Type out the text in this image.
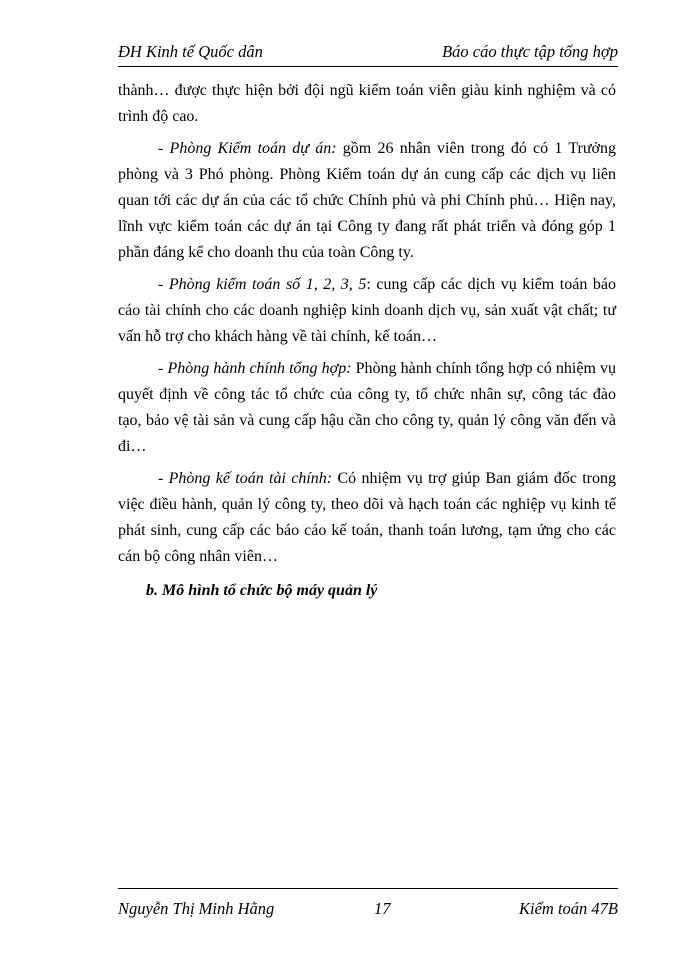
ĐH Kinh tế Quốc dân	Báo cáo thực tập tổng hợp

thành… được thực hiện bởi đội ngũ kiểm toán viên giàu kinh nghiệm và có trình độ cao.

- Phòng Kiểm toán dự án: gồm 26 nhân viên trong đó có 1 Trưởng phòng và 3 Phó phòng. Phòng Kiểm toán dự án cung cấp các dịch vụ liên quan tới các dự án của các tổ chức Chính phủ và phi Chính phủ… Hiện nay, lĩnh vực kiểm toán các dự án tại Công ty đang rất phát triển và đóng góp 1 phần đáng kể cho doanh thu của toàn Công ty.

- Phòng kiểm toán số 1, 2, 3, 5: cung cấp các dịch vụ kiểm toán báo cáo tài chính cho các doanh nghiệp kinh doanh dịch vụ, sản xuất vật chất; tư vấn hỗ trợ cho khách hàng về tài chính, kế toán…

- Phòng hành chính tổng hợp: Phòng hành chính tổng hợp có nhiệm vụ quyết định về công tác tổ chức của công ty, tổ chức nhân sự, công tác đào tạo, bảo vệ tài sản và cung cấp hậu cần cho công ty, quản lý công văn đến và đi…

- Phòng kế toán tài chính: Có nhiệm vụ trợ giúp Ban giám đốc trong việc điều hành, quản lý công ty, theo dõi và hạch toán các nghiệp vụ kinh tế phát sinh, cung cấp các báo cáo kế toán, thanh toán lương, tạm ứng cho các cán bộ công nhân viên…

b. Mô hình tổ chức bộ máy quản lý

Nguyễn Thị Minh Hằng	17	Kiểm toán 47B
